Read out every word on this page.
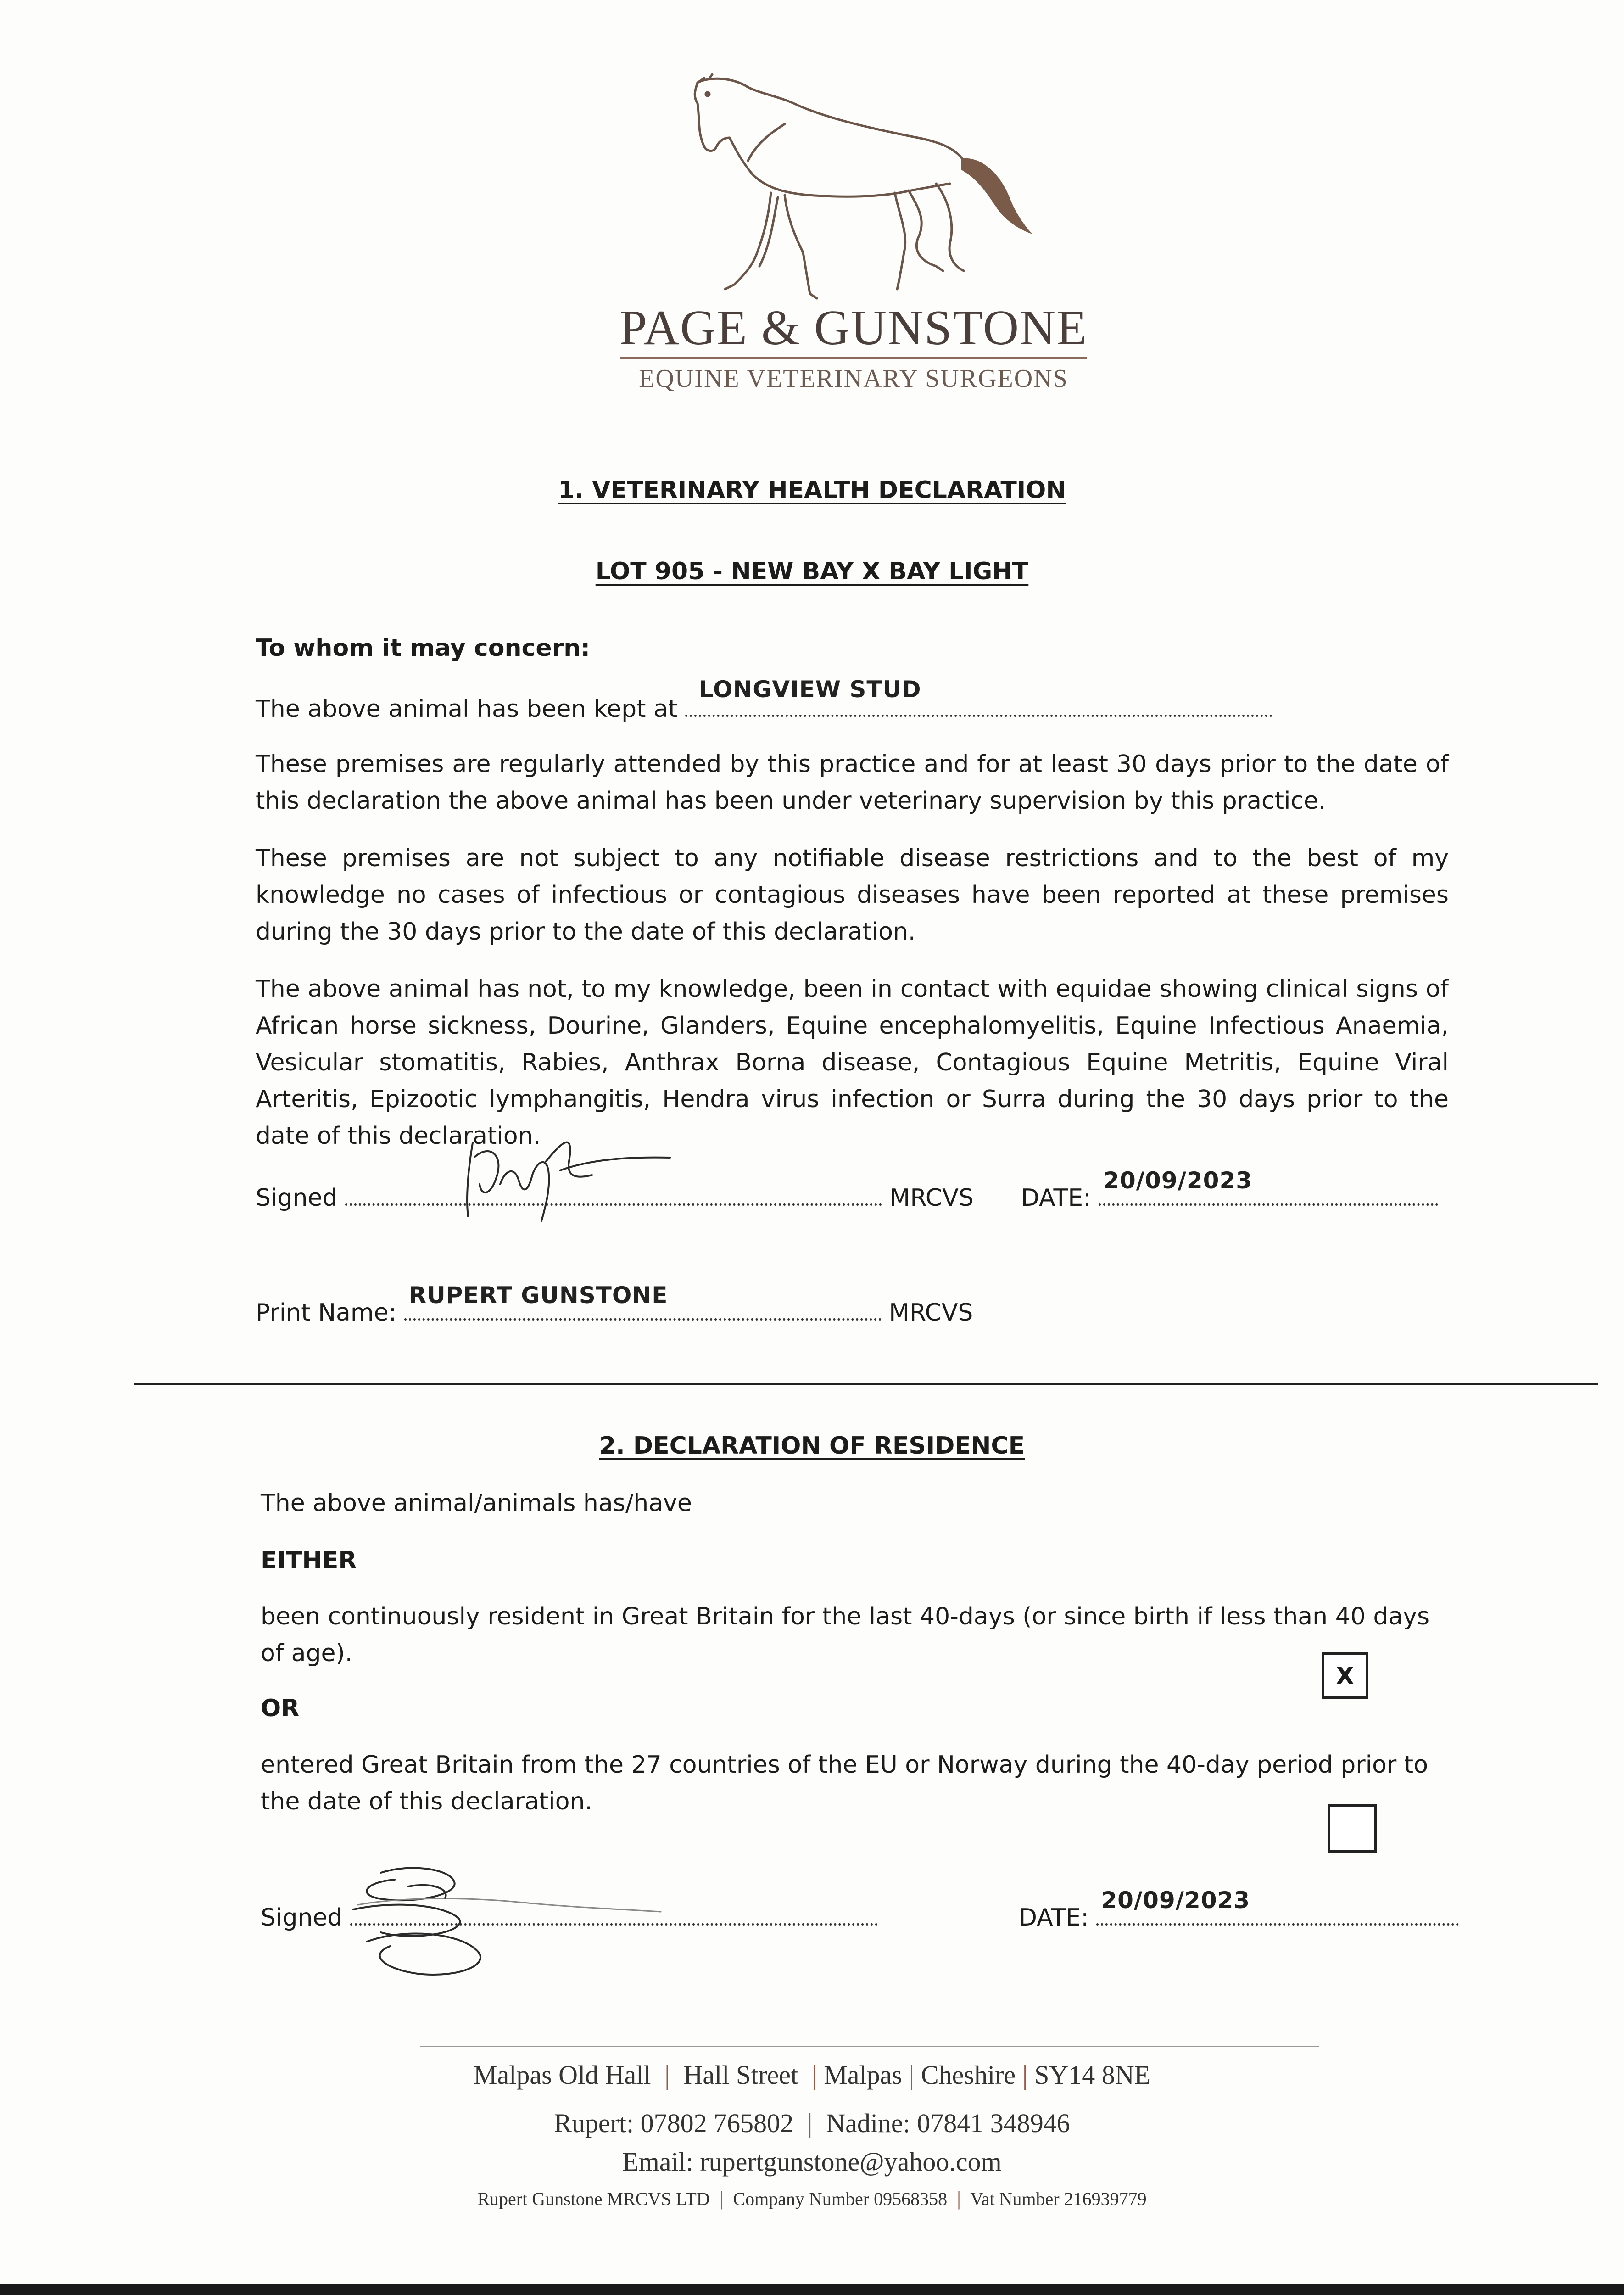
PAGE & GUNSTONE
EQUINE VETERINARY SURGEONS
1. VETERINARY HEALTH DECLARATION
LOT 905 - NEW BAY X BAY LIGHT
To whom it may concern:
The above animal has been kept at
LONGVIEW STUD
These premises are regularly attended by this practice and for at least 30 days prior to the date of this declaration the above animal has been under veterinary supervision by this practice.
These premises are not subject to any notifiable disease restrictions and to the best of my knowledge no cases of infectious or contagious diseases have been reported at these premises during the 30 days prior to the date of this declaration.
The above animal has not, to my knowledge, been in contact with equidae showing clinical signs of African horse sickness, Dourine, Glanders, Equine encephalomyelitis, Equine Infectious Anaemia, Vesicular stomatitis, Rabies, Anthrax Borna disease, Contagious Equine Metritis, Equine Viral Arteritis, Epizootic lymphangitis, Hendra virus infection or Surra during the 30 days prior to the date of this declaration.
Signed	MRCVS DATE:
20/09/2023
Print Name:
RUPERT GUNSTONE
MRCVS
2. DECLARATION OF RESIDENCE
The above animal/animals has/have
EITHER
been continuously resident in Great Britain for the last 40-days (or since birth if less than 40 days of age).
X
OR
entered Great Britain from the 27 countries of the EU or Norway during the 40-day period prior to the date of this declaration.
Signed	DATE:
20/09/2023
Malpas Old Hall  |  Hall Street  | Malpas | Cheshire | SY14 8NE
Rupert: 07802 765802  |  Nadine: 07841 348946
Email: rupertgunstone@yahoo.com
Rupert Gunstone MRCVS LTD  |  Company Number 09568358  |  Vat Number 216939779
